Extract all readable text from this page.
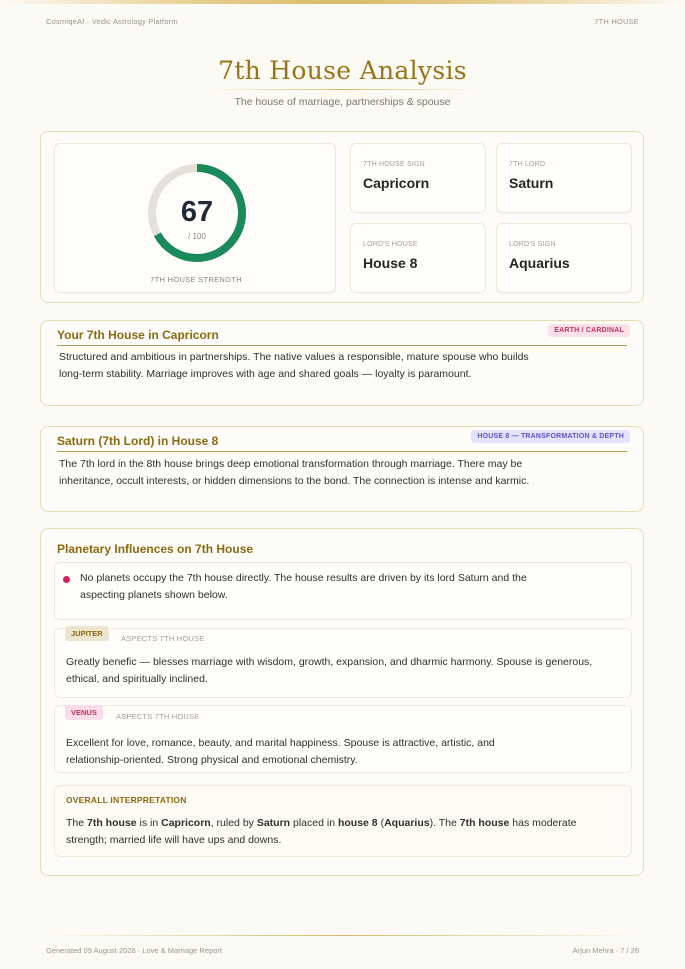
CosmiqeAI · Vedic Astrology Platform	7TH HOUSE
7th House Analysis
The house of marriage, partnerships & spouse
67
/ 100
7TH HOUSE STRENGTH
7TH HOUSE SIGN
Capricorn
7TH LORD
Saturn
LORD'S HOUSE
House 8
LORD'S SIGN
Aquarius
Your 7th House in Capricorn	EARTH / CARDINAL
Structured and ambitious in partnerships. The native values a responsible, mature spouse who builds
long-term stability. Marriage improves with age and shared goals — loyalty is paramount.
Saturn (7th Lord) in House 8	HOUSE 8 — TRANSFORMATION & DEPTH
The 7th lord in the 8th house brings deep emotional transformation through marriage. There may be
inheritance, occult interests, or hidden dimensions to the bond. The connection is intense and karmic.
Planetary Influences on 7th House
No planets occupy the 7th house directly. The house results are driven by its lord Saturn and the
aspecting planets shown below.
JUPITER
ASPECTS 7TH HOUSE
Greatly benefic — blesses marriage with wisdom, growth, expansion, and dharmic harmony. Spouse is generous,
ethical, and spiritually inclined.
VENUS	ASPECTS 7TH HOUSE
Excellent for love, romance, beauty, and marital happiness. Spouse is attractive, artistic, and
relationship-oriented. Strong physical and emotional chemistry.
OVERALL INTERPRETATION
The 7th house is in Capricorn, ruled by Saturn placed in house 8 (Aquarius). The 7th house has moderate
strength; married life will have ups and downs.
Generated 09 August 2026 · Love & Marriage Report	Arjun Mehra · 7 / 26
